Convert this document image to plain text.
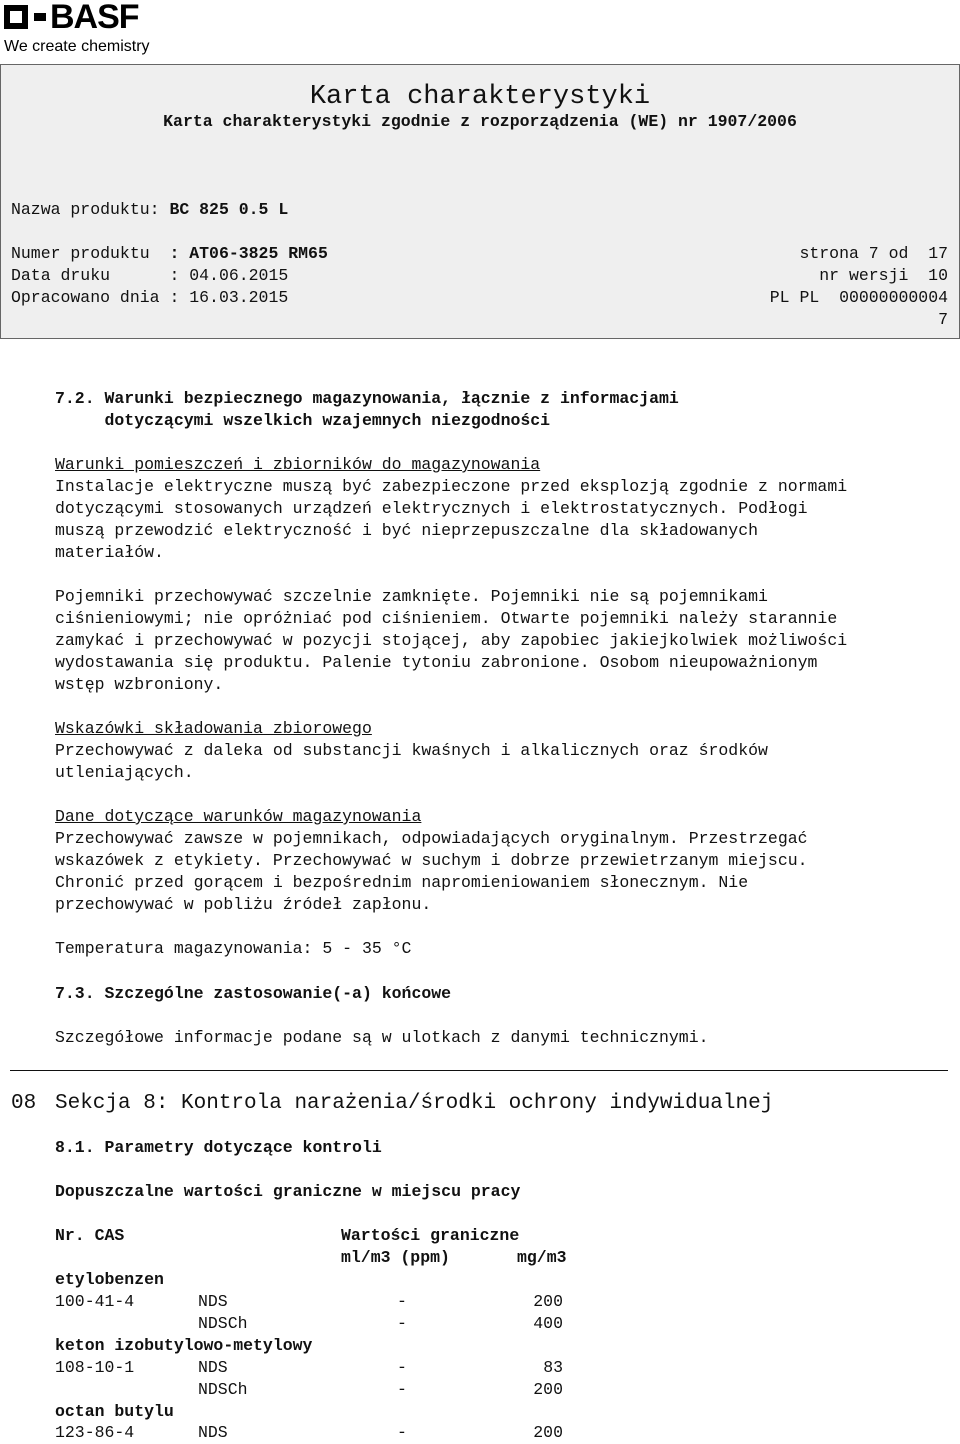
BASF
We create chemistry
Karta charakterystyki
Karta charakterystyki zgodnie z rozporządzenia (WE) nr 1907/2006
Nazwa produktu: BC 825 0.5 L
Numer produktu  : AT06-3825 RM65
Data druku      : 04.06.2015
Opracowano dnia : 16.03.2015
strona 7 od  17
nr wersji  10
PL PL  00000000004
7
7.2. Warunki bezpiecznego magazynowania, łącznie z informacjami
dotyczącymi wszelkich wzajemnych niezgodności
Warunki pomieszczeń i zbiorników do magazynowania
Instalacje elektryczne muszą być zabezpieczone przed eksplozją zgodnie z normami
dotyczącymi stosowanych urządzeń elektrycznych i elektrostatycznych. Podłogi
muszą przewodzić elektryczność i być nieprzepuszczalne dla składowanych
materiałów.
Pojemniki przechowywać szczelnie zamknięte. Pojemniki nie są pojemnikami
ciśnieniowymi; nie opróżniać pod ciśnieniem. Otwarte pojemniki należy starannie
zamykać i przechowywać w pozycji stojącej, aby zapobiec jakiejkolwiek możliwości
wydostawania się produktu. Palenie tytoniu zabronione. Osobom nieupoważnionym
wstęp wzbroniony.
Wskazówki składowania zbiorowego
Przechowywać z daleka od substancji kwaśnych i alkalicznych oraz środków
utleniających.
Dane dotyczące warunków magazynowania
Przechowywać zawsze w pojemnikach, odpowiadających oryginalnym. Przestrzegać
wskazówek z etykiety. Przechowywać w suchym i dobrze przewietrzanym miejscu.
Chronić przed gorącem i bezpośrednim napromieniowaniem słonecznym. Nie
przechowywać w pobliżu źródeł zapłonu.
Temperatura magazynowania: 5 - 35 °C
7.3. Szczególne zastosowanie(-a) końcowe
Szczegółowe informacje podane są w ulotkach z danymi technicznymi.
08 Sekcja 8: Kontrola narażenia/środki ochrony indywidualnej
8.1. Parametry dotyczące kontroli
Dopuszczalne wartości graniczne w miejscu pracy
Nr. CAS	Wartości graniczne
ml/m3 (ppm)	mg/m3
etylobenzen
100-41-4	NDS	-	200
NDSCh	-	400
keton izobutylowo-metylowy
108-10-1	NDS	-	83
NDSCh	-	200
octan butylu
123-86-4	NDS	-	200
